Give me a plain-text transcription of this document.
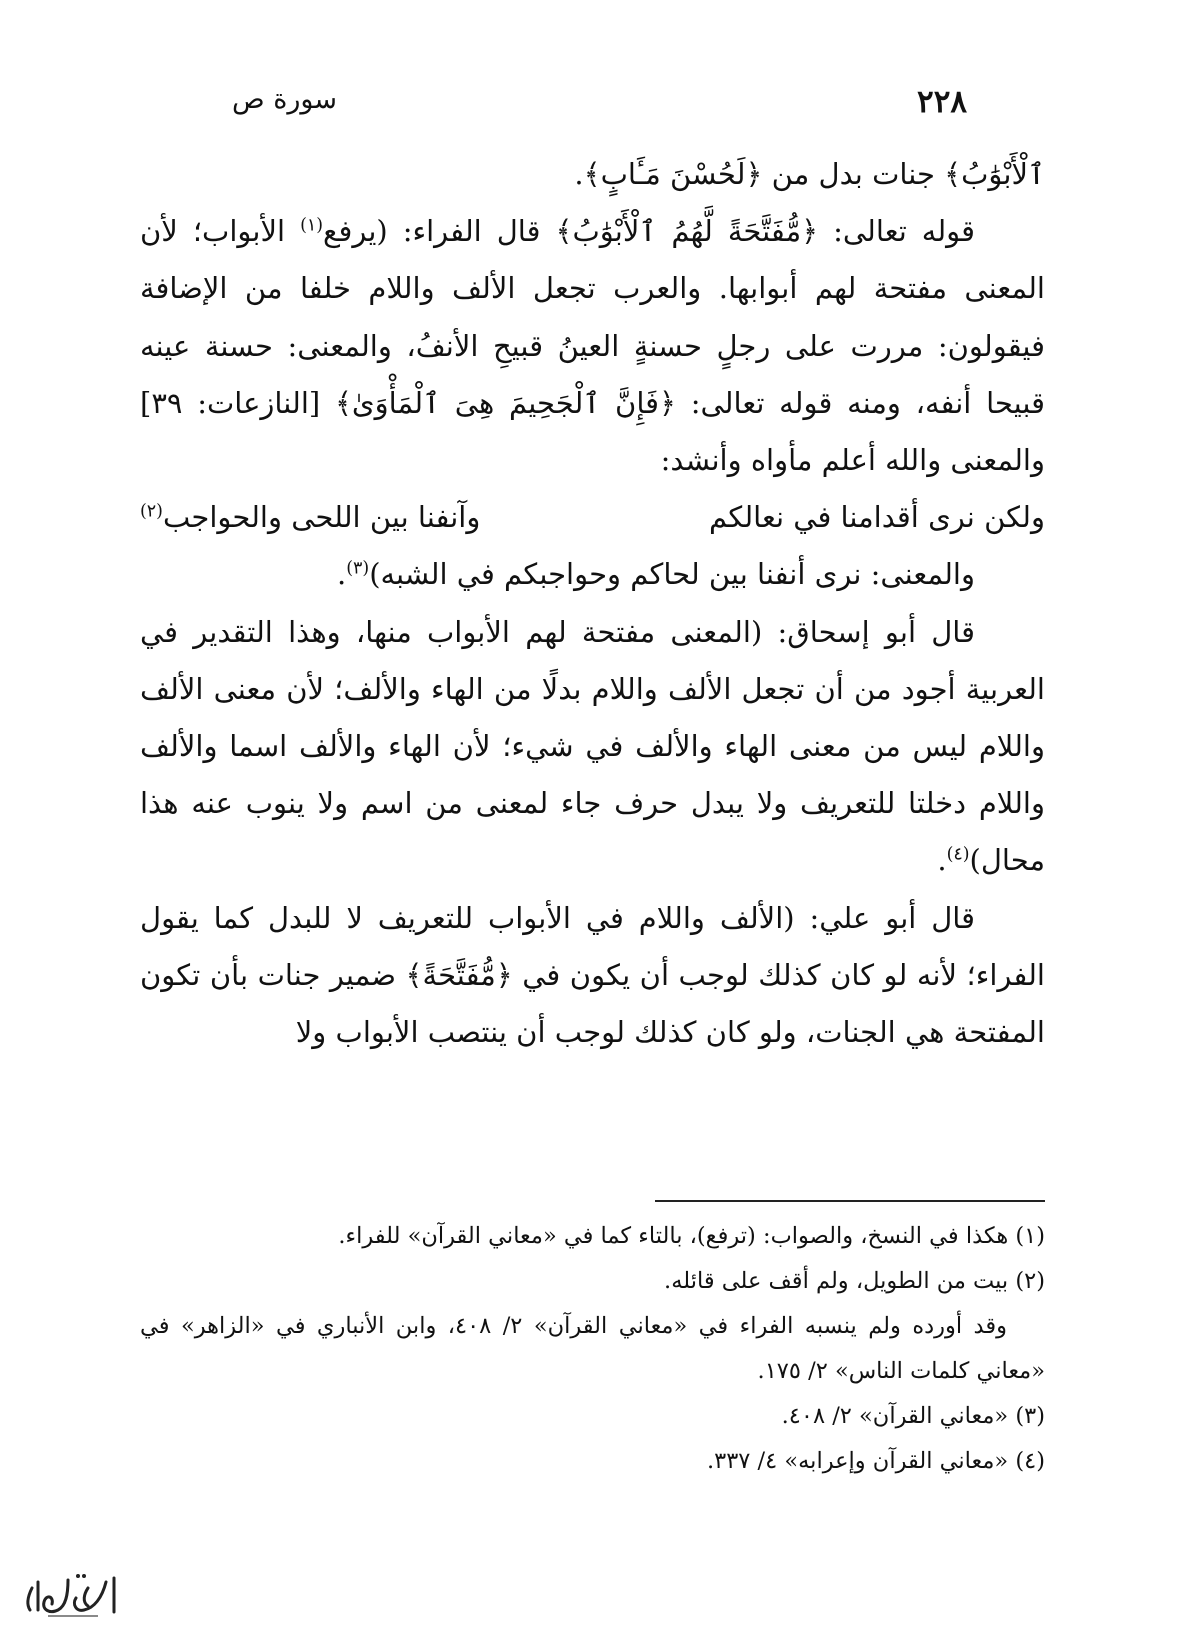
٢٢٨
سورة ص

ٱلْأَبْوَٰبُ﴾ جنات بدل من ﴿لَحُسْنَ مَـَٔابٍ﴾.

قوله تعالى: ﴿مُّفَتَّحَةً لَّهُمُ ٱلْأَبْوَٰبُ﴾ قال الفراء: (يرفع$^{(١)}$ الأبواب؛ لأن المعنى مفتحة لهم أبوابها. والعرب تجعل الألف واللام خلفا من الإضافة فيقولون: مررت على رجلٍ حسنةٍ العينُ قبيحِ الأنفُ، والمعنى: حسنة عينه قبيحا أنفه، ومنه قوله تعالى: ﴿فَإِنَّ ٱلْجَحِيمَ هِىَ ٱلْمَأْوَىٰ﴾ [النازعات: ٣٩] والمعنى والله أعلم مأواه وأنشد:

ولكن نرى أقدامنا في نعالكم
وآنفنا بين اللحى والحواجب$^{(٢)}$

والمعنى: نرى أنفنا بين لحاكم وحواجبكم في الشبه)$^{(٣)}$.

قال أبو إسحاق: (المعنى مفتحة لهم الأبواب منها، وهذا التقدير في العربية أجود من أن تجعل الألف واللام بدلًا من الهاء والألف؛ لأن معنى الألف واللام ليس من معنى الهاء والألف في شيء؛ لأن الهاء والألف اسما والألف واللام دخلتا للتعريف ولا يبدل حرف جاء لمعنى من اسم ولا ينوب عنه هذا محال)$^{(٤)}$.

قال أبو علي: (الألف واللام في الأبواب للتعريف لا للبدل كما يقول الفراء؛ لأنه لو كان كذلك لوجب أن يكون في ﴿مُّفَتَّحَةً﴾ ضمير جنات بأن تكون المفتحة هي الجنات، ولو كان كذلك لوجب أن ينتصب الأبواب ولا

(١) هكذا في النسخ، والصواب: (ترفع)، بالتاء كما في «معاني القرآن» للفراء.

(٢) بيت من الطويل، ولم أقف على قائله.

وقد أورده ولم ينسبه الفراء في «معاني القرآن» ٢/ ٤٠٨، وابن الأنباري في «الزاهر» في «معاني كلمات الناس» ٢/ ١٧٥.

(٣) «معاني القرآن» ٢/ ٤٠٨.

(٤) «معاني القرآن وإعرابه» ٤/ ٣٣٧.
